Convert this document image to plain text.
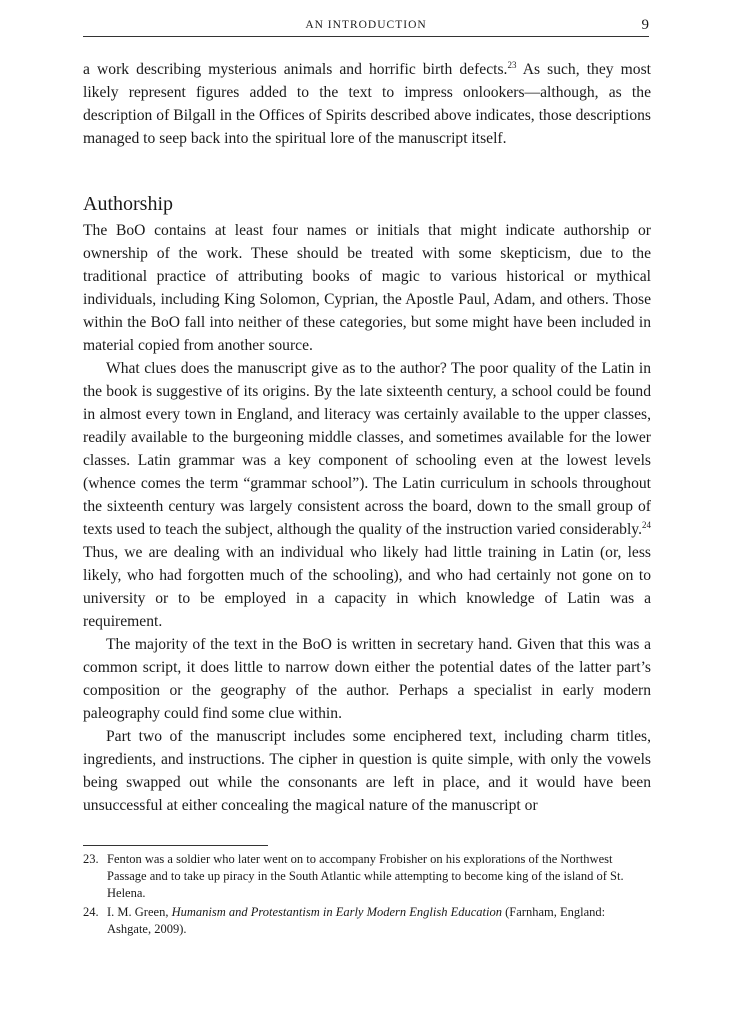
AN INTRODUCTION	9

a work describing mysterious animals and horrific birth defects.$^{23}$ As such, they most likely represent figures added to the text to impress onlookers—although, as the description of Bilgall in the Offices of Spirits described above indicates, those descriptions managed to seep back into the spiritual lore of the manuscript itself.

Authorship

The BoO contains at least four names or initials that might indicate authorship or ownership of the work. These should be treated with some skepticism, due to the traditional practice of attributing books of magic to various historical or mythical individuals, including King Solomon, Cyprian, the Apostle Paul, Adam, and others. Those within the BoO fall into neither of these categories, but some might have been included in material copied from another source.

What clues does the manuscript give as to the author? The poor quality of the Latin in the book is suggestive of its origins. By the late sixteenth century, a school could be found in almost every town in England, and literacy was certainly available to the upper classes, readily available to the burgeoning middle classes, and sometimes available for the lower classes. Latin grammar was a key component of schooling even at the lowest levels (whence comes the term “grammar school”). The Latin curriculum in schools throughout the sixteenth century was largely consistent across the board, down to the small group of texts used to teach the subject, although the quality of the instruction varied considerably.$^{24}$ Thus, we are dealing with an individual who likely had little training in Latin (or, less likely, who had forgotten much of the schooling), and who had certainly not gone on to university or to be employed in a capacity in which knowledge of Latin was a requirement.

The majority of the text in the BoO is written in secretary hand. Given that this was a common script, it does little to narrow down either the potential dates of the latter part’s composition or the geography of the author. Perhaps a specialist in early modern paleography could find some clue within.

Part two of the manuscript includes some enciphered text, including charm titles, ingredients, and instructions. The cipher in question is quite simple, with only the vowels being swapped out while the consonants are left in place, and it would have been unsuccessful at either concealing the magical nature of the manuscript or

23. Fenton was a soldier who later went on to accompany Frobisher on his explorations of the Northwest Passage and to take up piracy in the South Atlantic while attempting to become king of the island of St. Helena.
24. I. M. Green, Humanism and Protestantism in Early Modern English Education (Farnham, England: Ashgate, 2009).
